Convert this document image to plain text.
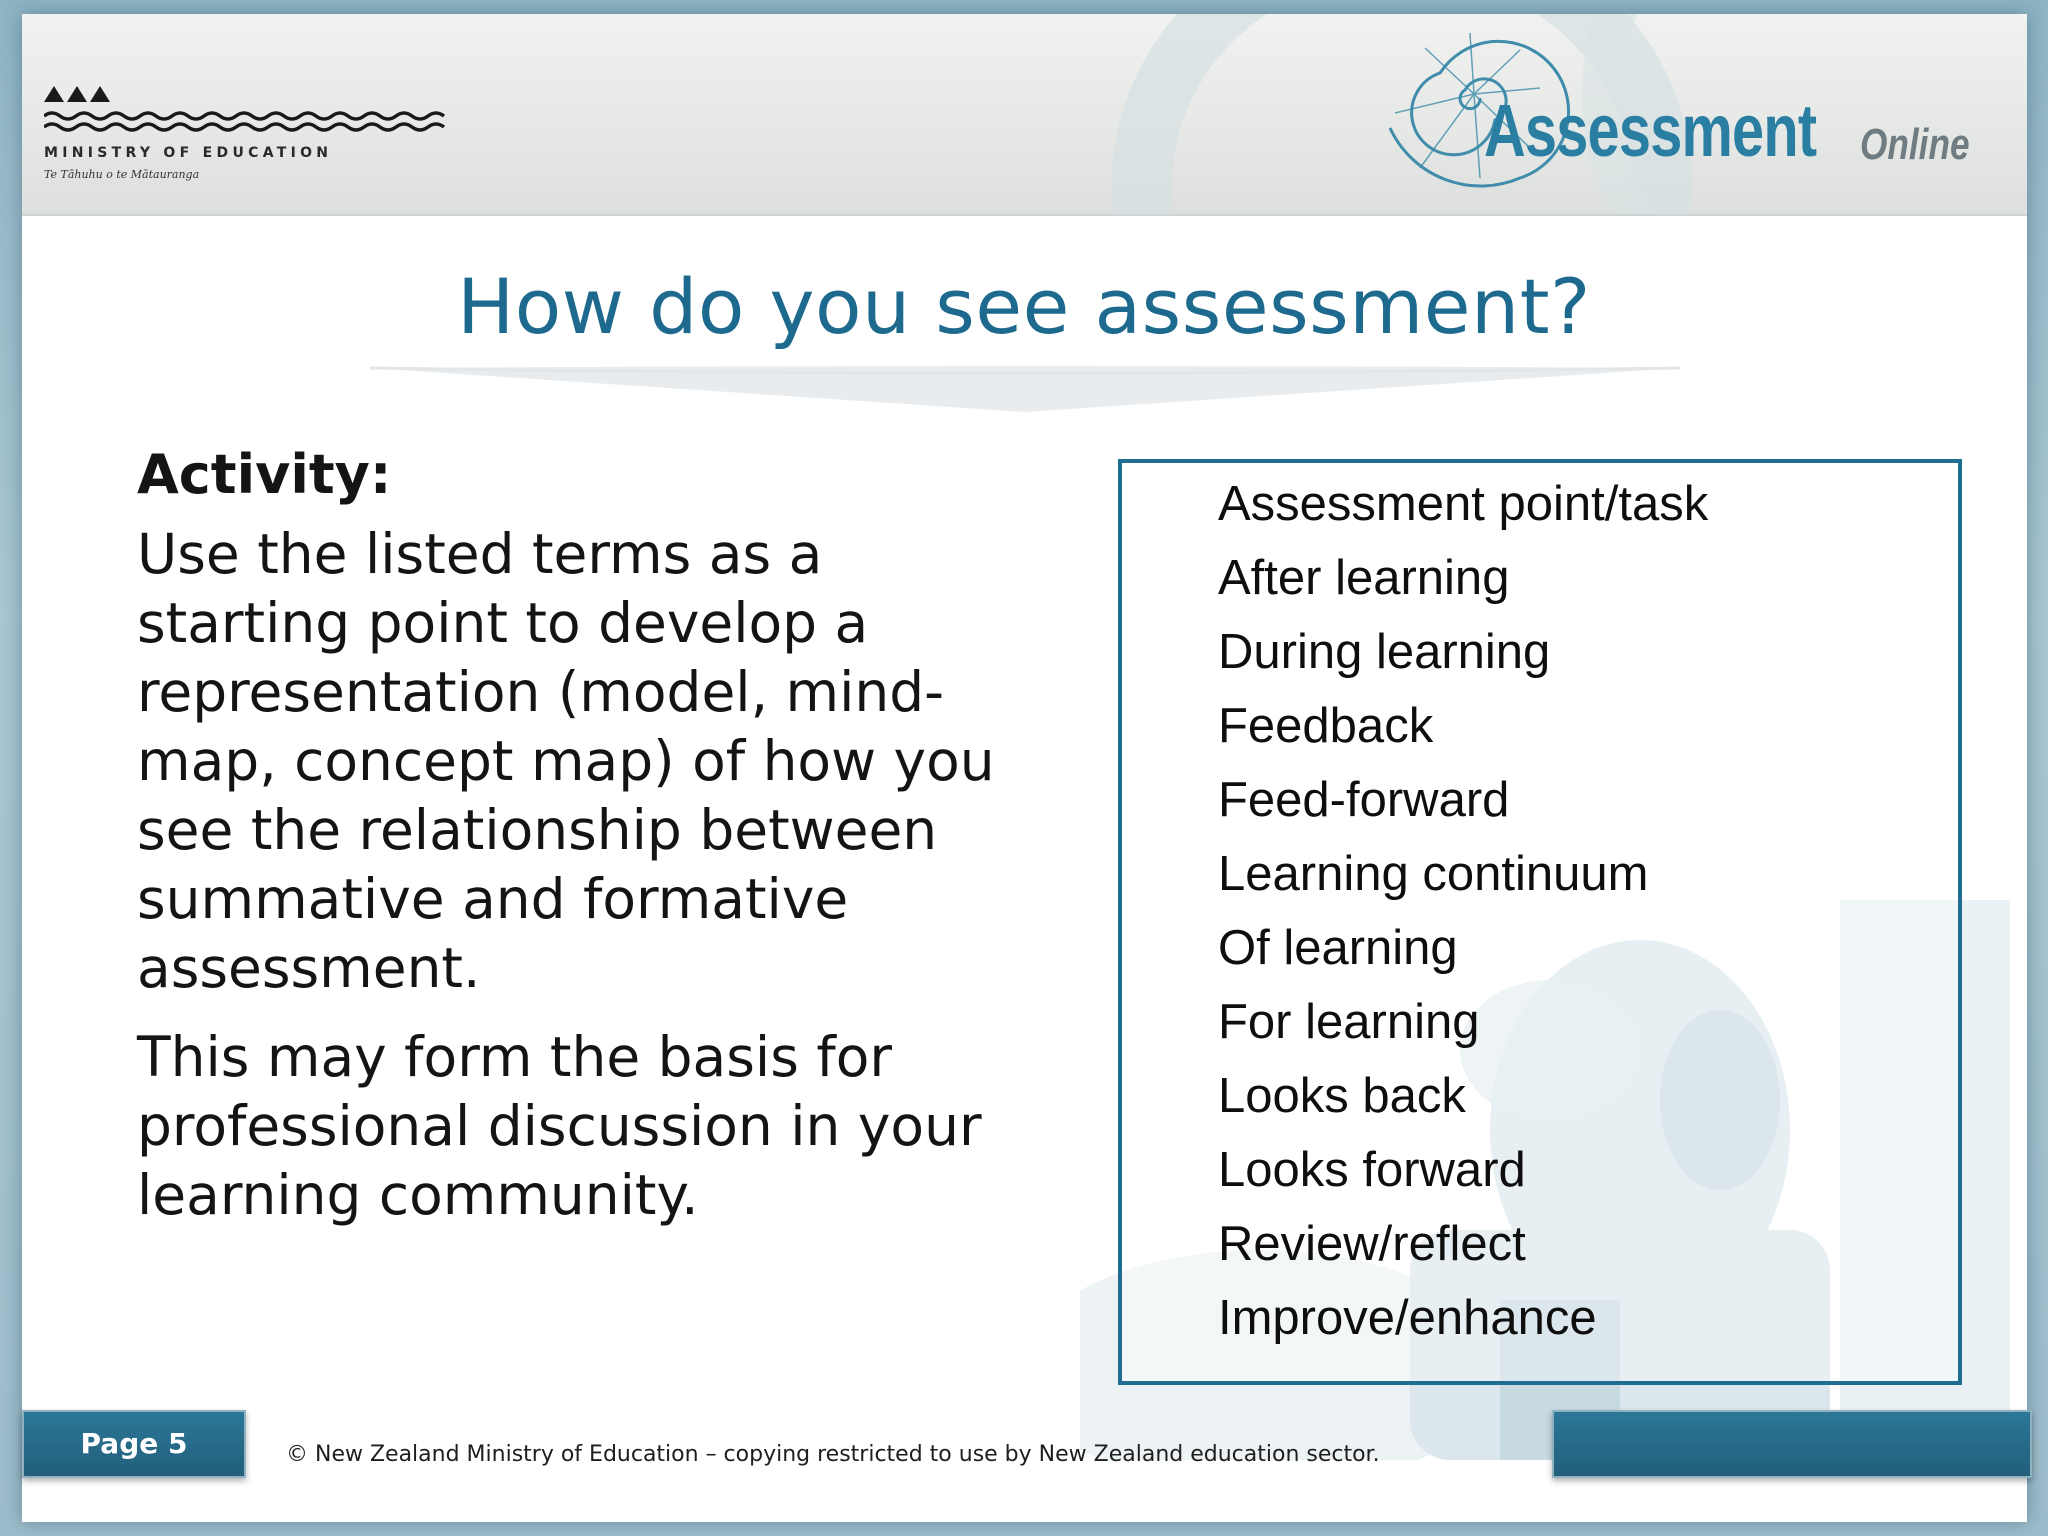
MINISTRY OF EDUCATION

Te Tāhuhu o te Mātauranga

Assessment Online

How do you see assessment?

Activity:

Use the listed terms as a starting point to develop a representation (model, mind-map, concept map) of how you see the relationship between summative and formative assessment.

This may form the basis for professional discussion in your learning community.

Assessment point/task
After learning
During learning
Feedback
Feed-forward
Learning continuum
Of learning
For learning
Looks back
Looks forward
Review/reflect
Improve/enhance

Page 5	© New Zealand Ministry of Education – copying restricted to use by New Zealand education sector.
